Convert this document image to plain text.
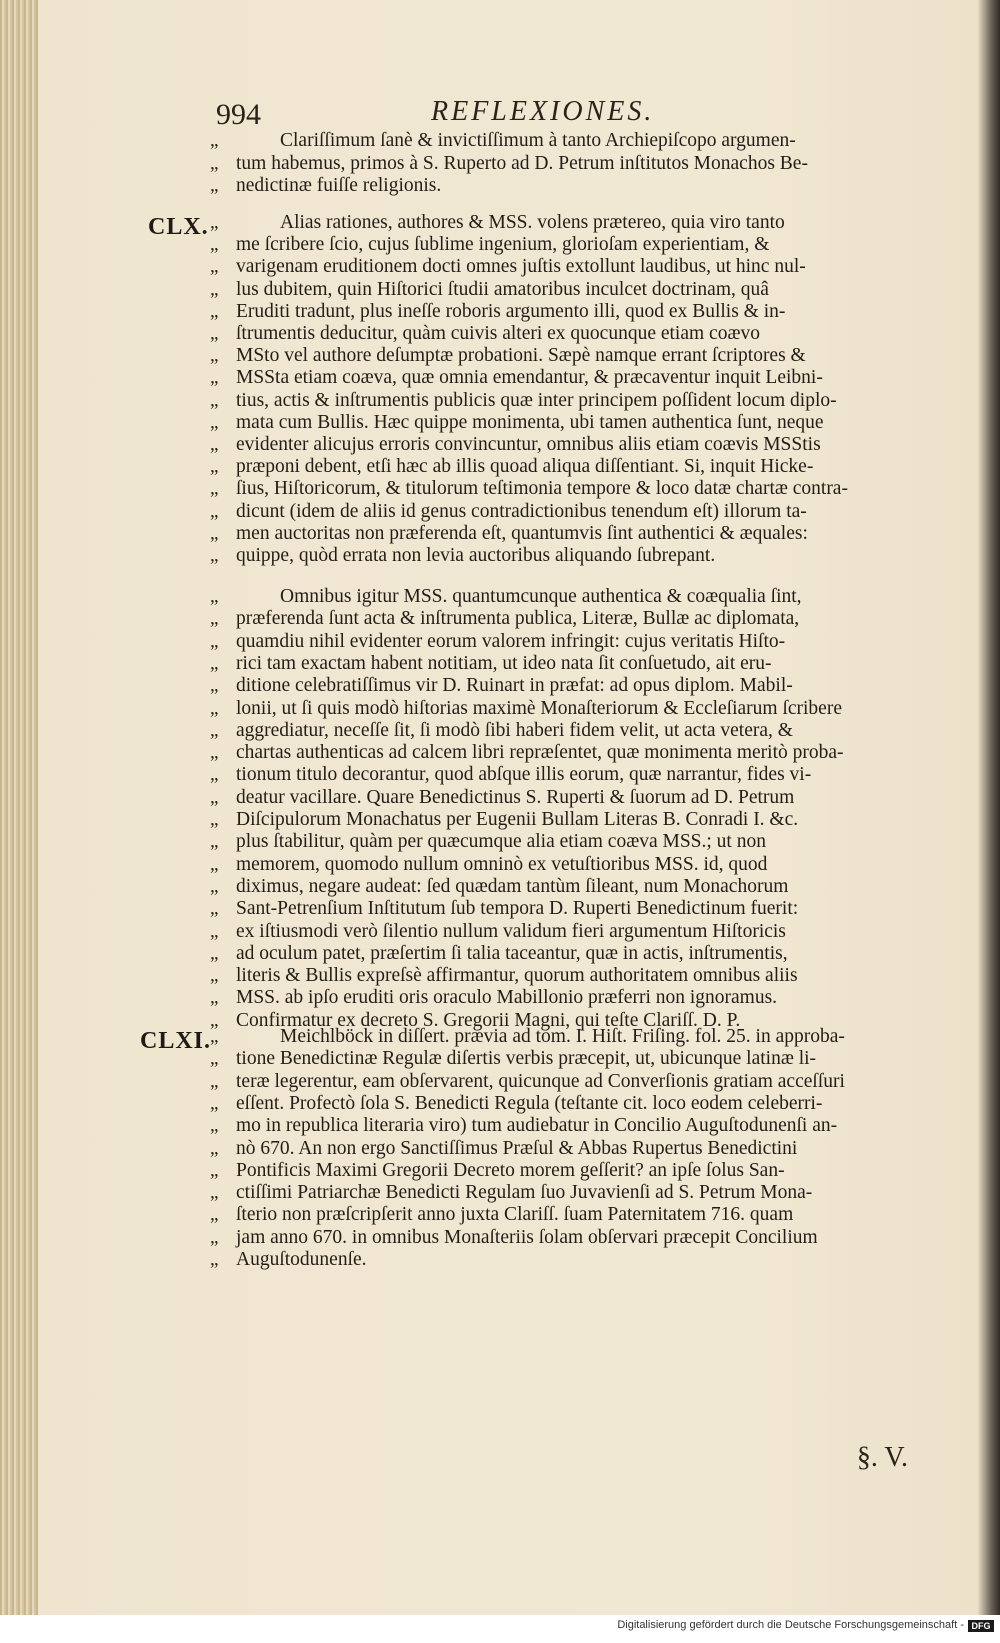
994	REFLEXIONES.
CLX.
CLXI.
„	Clariſſimum ſanè & invictiſſimum à tanto Archiepiſcopo argumen-
„ tum habemus, primos à S. Ruperto ad D. Petrum inſtitutos Monachos Be-
„ nedictinæ fuiſſe religionis.
„	Alias rationes, authores & MSS. volens prætereo, quia viro tanto
„ me ſcribere ſcio, cujus ſublime ingenium, glorioſam experientiam, &
„ varigenam eruditionem docti omnes juſtis extollunt laudibus, ut hinc nul-
„ lus dubitem, quin Hiſtorici ſtudii amatoribus inculcet doctrinam, quâ
„ Eruditi tradunt, plus ineſſe roboris argumento illi, quod ex Bullis & in-
„ ſtrumentis deducitur, quàm cuivis alteri ex quocunque etiam coævo
„ MSto vel authore deſumptæ probationi. Sæpè namque errant ſcriptores &
„ MSSta etiam coæva, quæ omnia emendantur, & præcaventur inquit Leibni-
„ tius, actis & inſtrumentis publicis quæ inter principem poſſident locum diplo-
„ mata cum Bullis. Hæc quippe monimenta, ubi tamen authentica ſunt, neque
„ evidenter alicujus erroris convincuntur, omnibus aliis etiam coævis MSStis
„ præponi debent, etſi hæc ab illis quoad aliqua diſſentiant. Si, inquit Hicke-
„ ſius, Hiſtoricorum, & titulorum teſtimonia tempore & loco datæ chartæ contra-
„ dicunt (idem de aliis id genus contradictionibus tenendum eſt) illorum ta-
„ men auctoritas non præferenda eſt, quantumvis ſint authentici & æquales:
„ quippe, quòd errata non levia auctoribus aliquando ſubrepant.
„	Omnibus igitur MSS. quantumcunque authentica & coæqualia ſint,
„ præferenda ſunt acta & inſtrumenta publica, Literæ, Bullæ ac diplomata,
„ quamdiu nihil evidenter eorum valorem infringit: cujus veritatis Hiſto-
„ rici tam exactam habent notitiam, ut ideo nata ſit conſuetudo, ait eru-
„ ditione celebratiſſimus vir D. Ruinart in præfat: ad opus diplom. Mabil-
„ lonii, ut ſi quis modò hiſtorias maximè Monaſteriorum & Eccleſiarum ſcribere
„ aggrediatur, neceſſe ſit, ſi modò ſibi haberi fidem velit, ut acta vetera, &
„ chartas authenticas ad calcem libri repræſentet, quæ monimenta meritò proba-
„ tionum titulo decorantur, quod abſque illis eorum, quæ narrantur, fides vi-
„ deatur vacillare. Quare Benedictinus S. Ruperti & ſuorum ad D. Petrum
„ Diſcipulorum Monachatus per Eugenii Bullam Literas B. Conradi I. &c.
„ plus ſtabilitur, quàm per quæcumque alia etiam coæva MSS.; ut non
„ memorem, quomodo nullum omninò ex vetuſtioribus MSS. id, quod
„ diximus, negare audeat: ſed quædam tantùm ſileant, num Monachorum
„ Sant-Petrenſium Inſtitutum ſub tempora D. Ruperti Benedictinum fuerit:
„ ex iſtiusmodi verò ſilentio nullum validum fieri argumentum Hiſtoricis
„ ad oculum patet, præſertim ſi talia taceantur, quæ in actis, inſtrumentis,
„ literis & Bullis expreſsè affirmantur, quorum authoritatem omnibus aliis
„ MSS. ab ipſo eruditi oris oraculo Mabillonio præferri non ignoramus.
„ Confirmatur ex decreto S. Gregorii Magni, qui teſte Clariſſ. D. P.
„	Meichlböck in diſſert. prævia ad tom. I. Hiſt. Friſing. fol. 25. in approba-
„ tione Benedictinæ Regulæ diſertis verbis præcepit, ut, ubicunque latinæ li-
„ teræ legerentur, eam obſervarent, quicunque ad Converſionis gratiam acceſſuri
„ eſſent. Profectò ſola S. Benedicti Regula (teſtante cit. loco eodem celeberri-
„ mo in republica literaria viro) tum audiebatur in Concilio Auguſtodunenſi an-
„ nò 670. An non ergo Sanctiſſimus Præſul & Abbas Rupertus Benedictini
„ Pontificis Maximi Gregorii Decreto morem geſſerit? an ipſe ſolus San-
„ ctiſſimi Patriarchæ Benedicti Regulam ſuo Juvavienſi ad S. Petrum Mona-
„ ſterio non præſcripſerit anno juxta Clariſſ. ſuam Paternitatem 716. quam
„ jam anno 670. in omnibus Monaſteriis ſolam obſervari præcepit Concilium
„ Auguſtodunenſe.
§. V.
Digitalisierung gefördert durch die Deutsche Forschungsgemeinschaft - DFG
